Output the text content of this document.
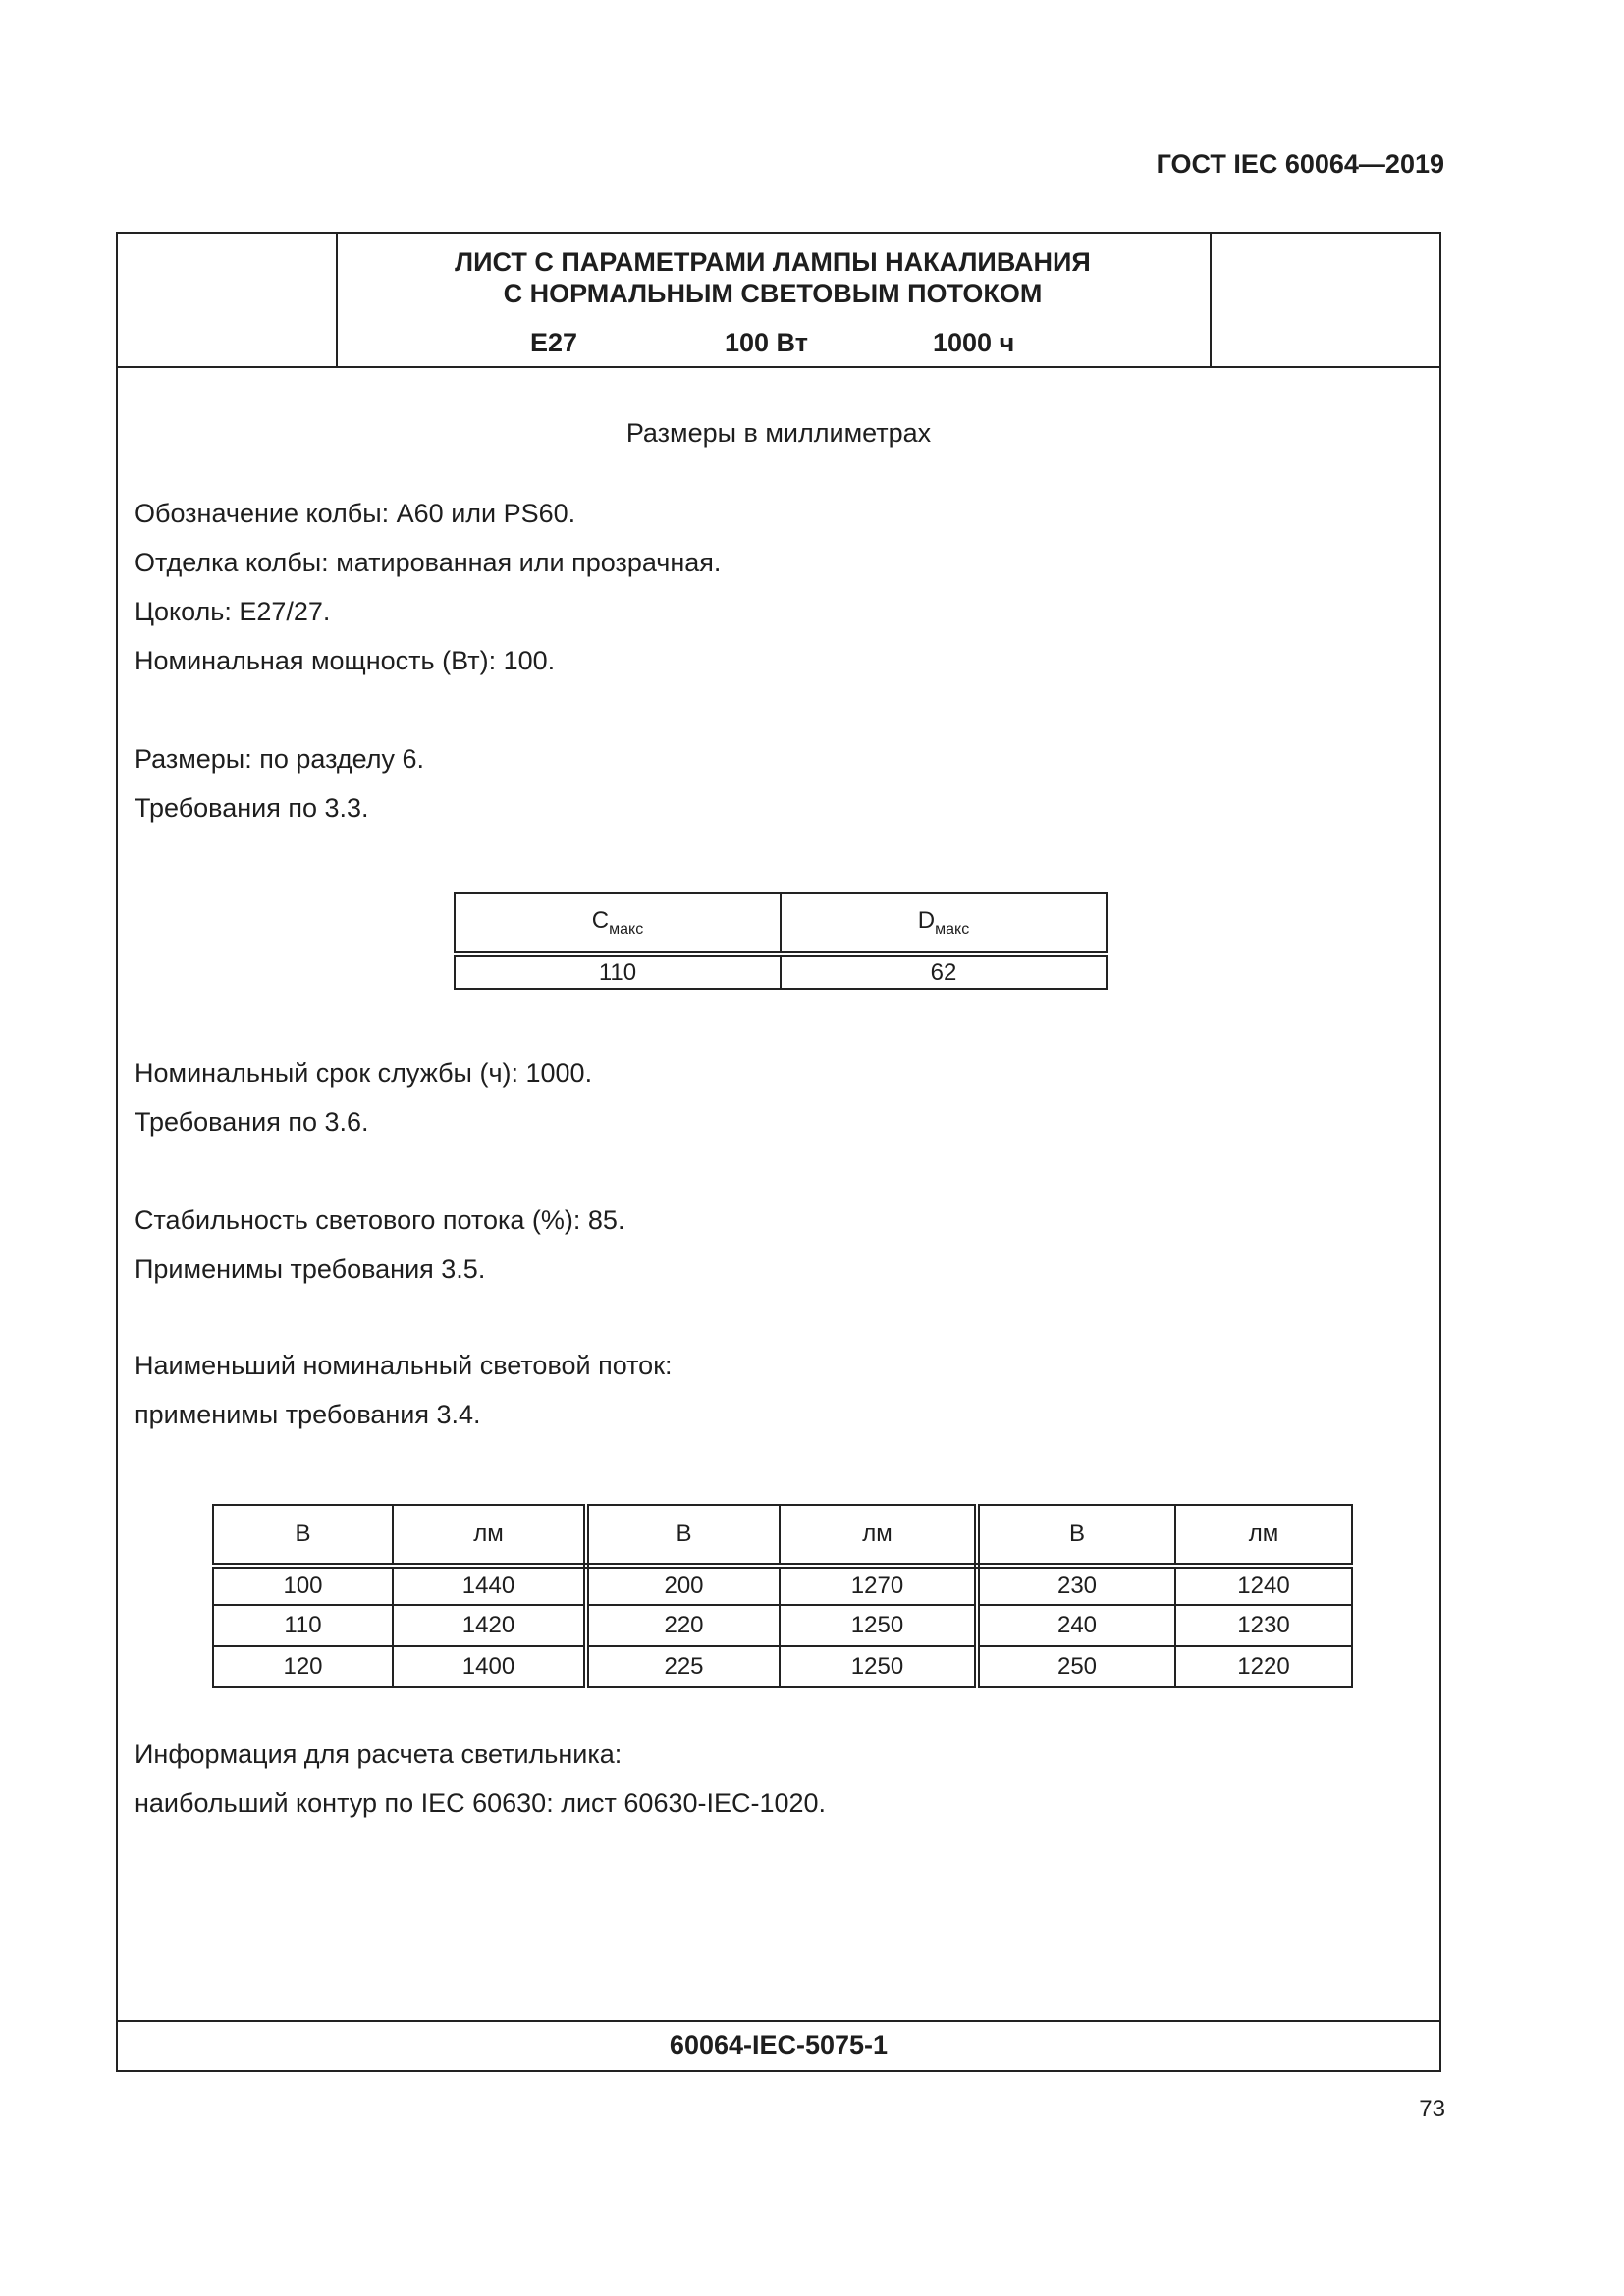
ГОСТ IEC 60064—2019
ЛИСТ С ПАРАМЕТРАМИ ЛАМПЫ НАКАЛИВАНИЯ
С НОРМАЛЬНЫМ СВЕТОВЫМ ПОТОКОМ
E27	100 Вт	1000 ч
Размеры в миллиметрах
Обозначение колбы: А60 или PS60.
Отделка колбы: матированная или прозрачная.
Цоколь: E27/27.
Номинальная мощность (Вт): 100.
Размеры: по разделу 6.
Требования по 3.3.
$C_{макс}$	$D_{макс}$
110	62
Номинальный срок службы (ч): 1000.
Требования по 3.6.
Стабильность светового потока (%): 85.
Применимы требования 3.5.
Наименьший номинальный световой поток:
применимы требования 3.4.
В	лм	В	лм	В	лм
100	1440	200	1270	230	1240
110	1420	220	1250	240	1230
120	1400	225	1250	250	1220
Информация для расчета светильника:
наибольший контур по IEC 60630: лист 60630-IEC-1020.
60064-IEC-5075-1
73
